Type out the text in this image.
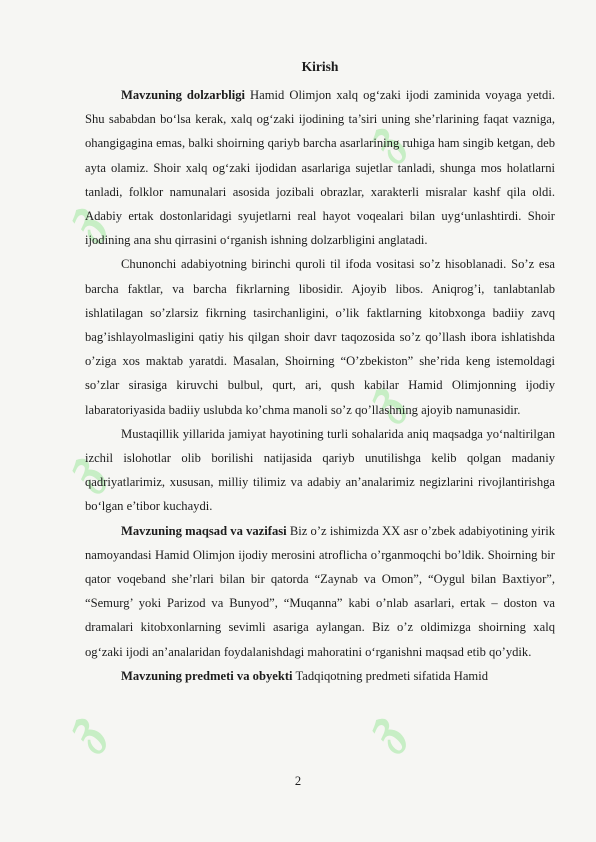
𝔷
𝔷
𝔷
𝔷
𝔷	𝔷
Kirish

Mavzuning dolzarbligi Hamid Olimjon xalq og‘zaki ijodi zaminida voyaga yetdi. Shu sababdan bo‘lsa kerak, xalq og‘zaki ijodining ta’siri uning she’rlarining faqat vazniga, ohangigagina emas, balki shoirning qariyb barcha asarlarining ruhiga ham singib ketgan, deb ayta olamiz. Shoir xalq og‘zaki ijodidan asarlariga sujetlar tanladi, shunga mos holatlarni tanladi, folklor namunalari asosida jozibali obrazlar, xarakterli misralar kashf qila oldi. Adabiy ertak dostonlaridagi syujetlarni real hayot voqealari bilan uyg‘unlashtirdi. Shoir ijodining ana shu qirrasini o‘rganish ishning dolzarbligini anglatadi.

Chunonchi adabiyotning birinchi quroli til ifoda vositasi so’z hisoblanadi. So’z esa barcha faktlar, va barcha fikrlarning libosidir. Ajoyib libos. Aniqrog’i, tanlabtanlab ishlatilagan so’zlarsiz fikrning tasirchanligini, o’lik faktlarning kitobxonga badiiy zavq bag’ishlayolmasligini qatiy his qilgan shoir davr taqozosida so’z qo’llash ibora ishlatishda o’ziga xos maktab yaratdi. Masalan, Shoirning “O’zbekiston” she’rida keng istemoldagi so’zlar sirasiga kiruvchi bulbul, qurt, ari, qush kabilar Hamid Olimjonning ijodiy labaratoriyasida badiiy uslubda ko’chma manoli so’z qo’llashning ajoyib namunasidir.

Mustaqillik yillarida jamiyat hayotining turli sohalarida aniq maqsadga yo‘naltirilgan izchil islohotlar olib borilishi natijasida qariyb unutilishga kelib qolgan madaniy qadriyatlarimiz, xususan, milliy tilimiz va adabiy an’analarimiz negizlarini rivojlantirishga bo‘lgan e’tibor kuchaydi.

Mavzuning maqsad va vazifasi Biz o’z ishimizda XX asr o’zbek adabiyotining yirik namoyandasi Hamid Olimjon ijodiy merosini atroflicha o’rganmoqchi bo’ldik. Shoirning bir qator voqeband she’rlari bilan bir qatorda “Zaynab va Omon”, “Oygul bilan Baxtiyor”, “Semurg’ yoki Parizod va Bunyod”, “Muqanna” kabi o’nlab asarlari, ertak – doston va dramalari kitobxonlarning sevimli asariga aylangan. Biz o’z oldimizga shoirning xalq og‘zaki ijodi an’analaridan foydalanishdagi mahoratini o‘rganishni maqsad etib qo’ydik.

Mavzuning predmeti va obyekti Tadqiqotning predmeti sifatida Hamid

2
